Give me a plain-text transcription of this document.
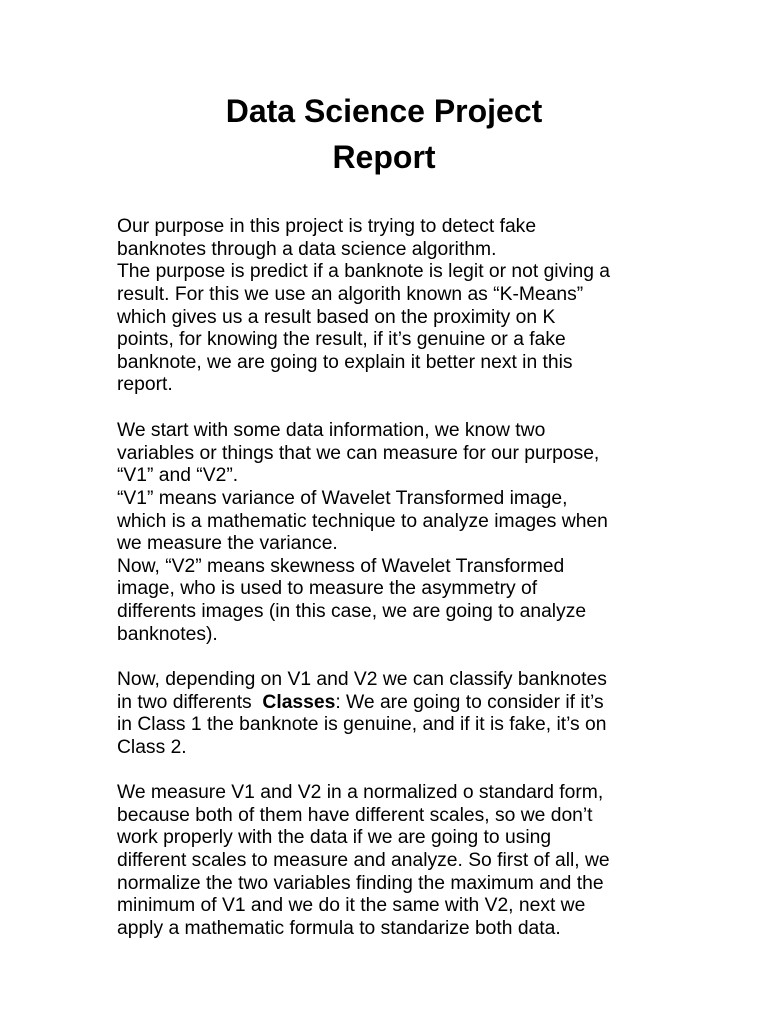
Data Science Project
Report
Our purpose in this project is trying to detect fake
banknotes through a data science algorithm.
The purpose is predict if a banknote is legit or not giving a
result. For this we use an algorith known as “K-Means”
which gives us a result based on the proximity on K
points, for knowing the result, if it’s genuine or a fake
banknote, we are going to explain it better next in this
report.
We start with some data information, we know two
variables or things that we can measure for our purpose,
“V1” and “V2”.
“V1” means variance of Wavelet Transformed image,
which is a mathematic technique to analyze images when
we measure the variance.
Now, “V2” means skewness of Wavelet Transformed
image, who is used to measure the asymmetry of
differents images (in this case, we are going to analyze
banknotes).
Now, depending on V1 and V2 we can classify banknotes
in two differents  Classes: We are going to consider if it’s
in Class 1 the banknote is genuine, and if it is fake, it’s on
Class 2.
We measure V1 and V2 in a normalized o standard form,
because both of them have different scales, so we don’t
work properly with the data if we are going to using
different scales to measure and analyze. So first of all, we
normalize the two variables finding the maximum and the
minimum of V1 and we do it the same with V2, next we
apply a mathematic formula to standarize both data.
